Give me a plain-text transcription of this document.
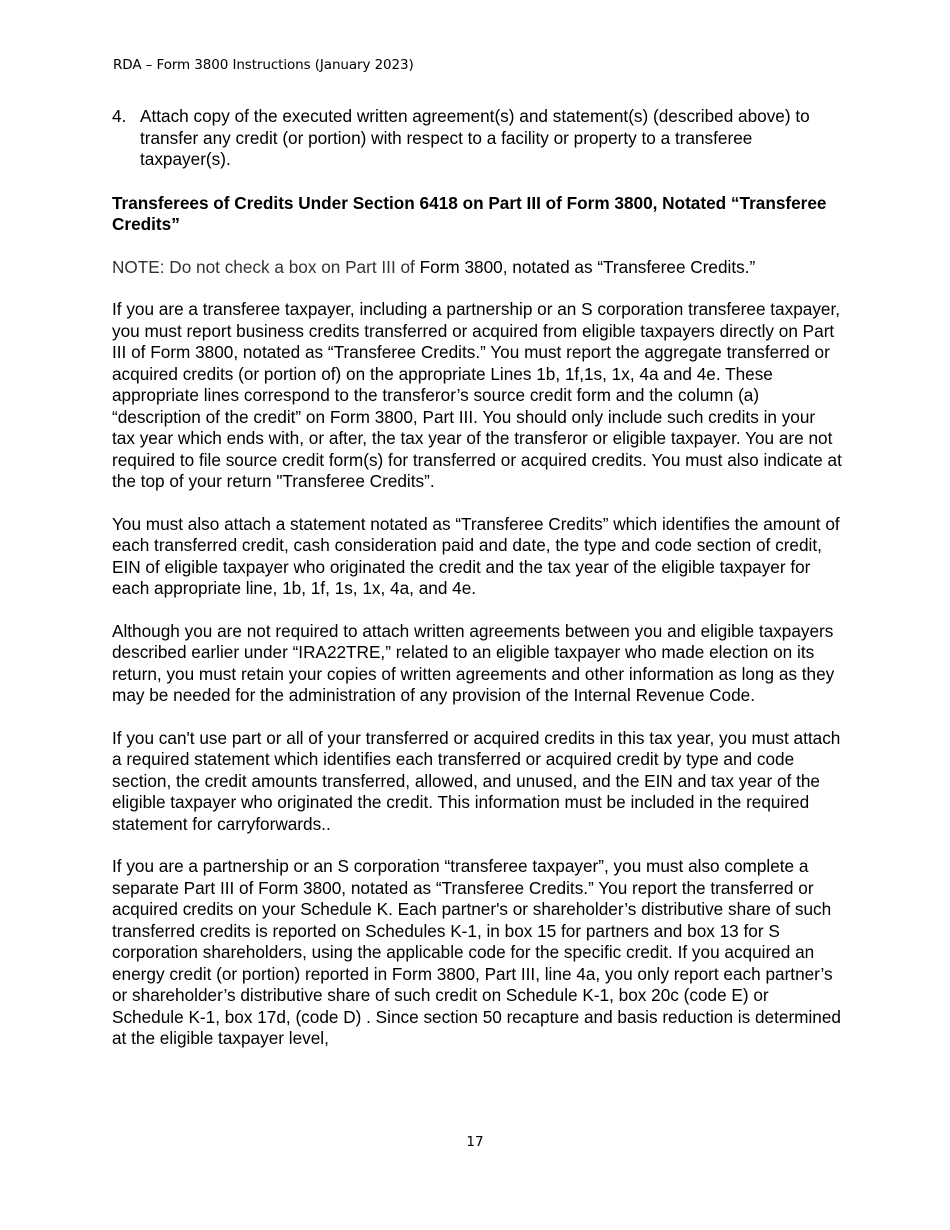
RDA – Form 3800 Instructions (January 2023)
4. Attach copy of the executed written agreement(s) and statement(s) (described above) to transfer any credit (or portion) with respect to a facility or property to a transferee taxpayer(s).
Transferees of Credits Under Section 6418 on Part III of Form 3800, Notated “Transferee Credits”
NOTE: Do not check a box on Part III of Form 3800, notated as “Transferee Credits.”

If you are a transferee taxpayer, including a partnership or an S corporation transferee taxpayer, you must report business credits transferred or acquired from eligible taxpayers directly on Part III of Form 3800, notated as “Transferee Credits.” You must report the aggregate transferred or acquired credits (or portion of) on the appropriate Lines 1b, 1f,1s, 1x, 4a and 4e. These appropriate lines correspond to the transferor’s source credit form and the column (a) “description of the credit” on Form 3800, Part III. You should only include such credits in your tax year which ends with, or after, the tax year of the transferor or eligible taxpayer. You are not required to file source credit form(s) for transferred or acquired credits. You must also indicate at the top of your return "Transferee Credits”.

You must also attach a statement notated as “Transferee Credits” which identifies the amount of each transferred credit, cash consideration paid and date, the type and code section of credit, EIN of eligible taxpayer who originated the credit and the tax year of the eligible taxpayer for each appropriate line, 1b, 1f, 1s, 1x, 4a, and 4e.

Although you are not required to attach written agreements between you and eligible taxpayers described earlier under “IRA22TRE,” related to an eligible taxpayer who made election on its return, you must retain your copies of written agreements and other information as long as they may be needed for the administration of any provision of the Internal Revenue Code.

If you can't use part or all of your transferred or acquired credits in this tax year, you must attach a required statement which identifies each transferred or acquired credit by type and code section, the credit amounts transferred, allowed, and unused, and the EIN and tax year of the eligible taxpayer who originated the credit. This information must be included in the required statement for carryforwards..

If you are a partnership or an S corporation “transferee taxpayer”, you must also complete a separate Part III of Form 3800, notated as “Transferee Credits.” You report the transferred or acquired credits on your Schedule K. Each partner's or shareholder’s distributive share of such transferred credits is reported on Schedules K-1, in box 15 for partners and box 13 for S corporation shareholders, using the applicable code for the specific credit. If you acquired an energy credit (or portion) reported in Form 3800, Part III, line 4a, you only report each partner’s or shareholder’s distributive share of such credit on Schedule K-1, box 20c (code E) or Schedule K-1, box 17d, (code D) . Since section 50 recapture and basis reduction is determined at the eligible taxpayer level,

17
